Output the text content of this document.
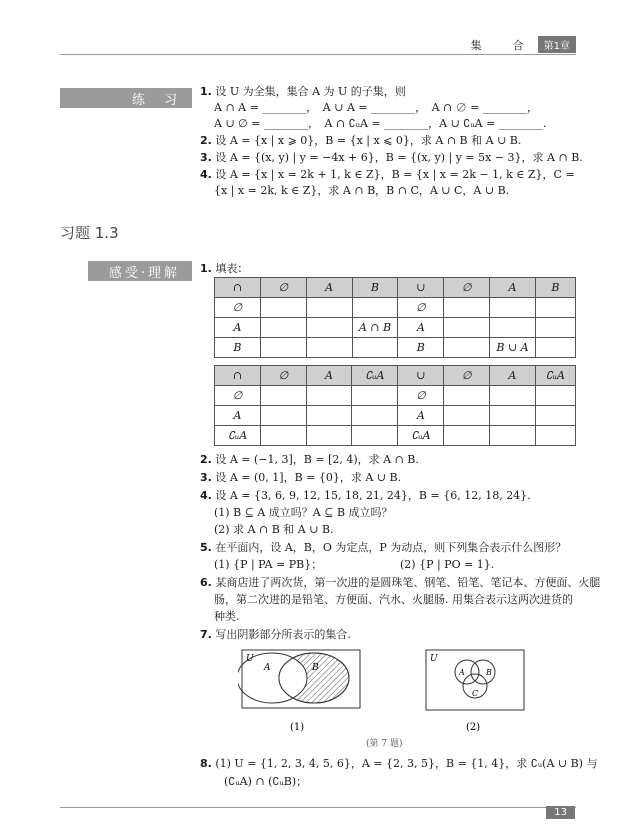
集　合	第1章
练　习
1. 设 U 为全集，集合 A 为 U 的子集，则
A ∩ A = ________，　A ∪ A = ________，　A ∩ ∅ = ________，
A ∪ ∅ = ________，　A ∩ ∁ᵤA = ________，A ∪ ∁ᵤA = ________.
2. 设 A = {x | x ⩾ 0}，B = {x | x ⩽ 0}，求 A ∩ B 和 A ∪ B.
3. 设 A = {(x, y) | y = −4x + 6}，B = {(x, y) | y = 5x − 3}，求 A ∩ B.
4. 设 A = {x | x = 2k + 1, k ∈ Z}，B = {x | x = 2k − 1, k ∈ Z}，C =
{x | x = 2k, k ∈ Z}，求 A ∩ B，B ∩ C，A ∪ C，A ∪ B.
习题 1.3
感受·理解	1. 填表：
∩	∅	A	B	∪	∅	A	B
∅				∅			
A			A ∩ B	A			
B				B		B ∪ A	
∩	∅	A	∁ᵤA	∪	∅	A	∁ᵤA
∅				∅			
A				A			
∁ᵤA				∁ᵤA			
2. 设 A = (−1, 3]，B = [2, 4)，求 A ∩ B.
3. 设 A = (0, 1]，B = {0}，求 A ∪ B.
4. 设 A = {3, 6, 9, 12, 15, 18, 21, 24}，B = {6, 12, 18, 24}.
(1) B ⊆ A 成立吗？A ⊆ B 成立吗？
(2) 求 A ∩ B 和 A ∪ B.
5. 在平面内，设 A，B，O 为定点，P 为动点，则下列集合表示什么图形？
(1) {P | PA = PB}；	(2) {P | PO = 1}.
6. 某商店进了两次货，第一次进的是圆珠笔、钢笔、铅笔、笔记本、方便面、火腿
肠，第二次进的是铅笔、方便面、汽水、火腿肠. 用集合表示这两次进货的
种类.
7. 写出阴影部分所表示的集合.
U
A	B
U
A	B
C
(1)	(2)
(第 7 题)
8. (1) U = {1, 2, 3, 4, 5, 6}，A = {2, 3, 5}，B = {1, 4}，求 ∁ᵤ(A ∪ B) 与
(∁ᵤA) ∩ (∁ᵤB)；
13
